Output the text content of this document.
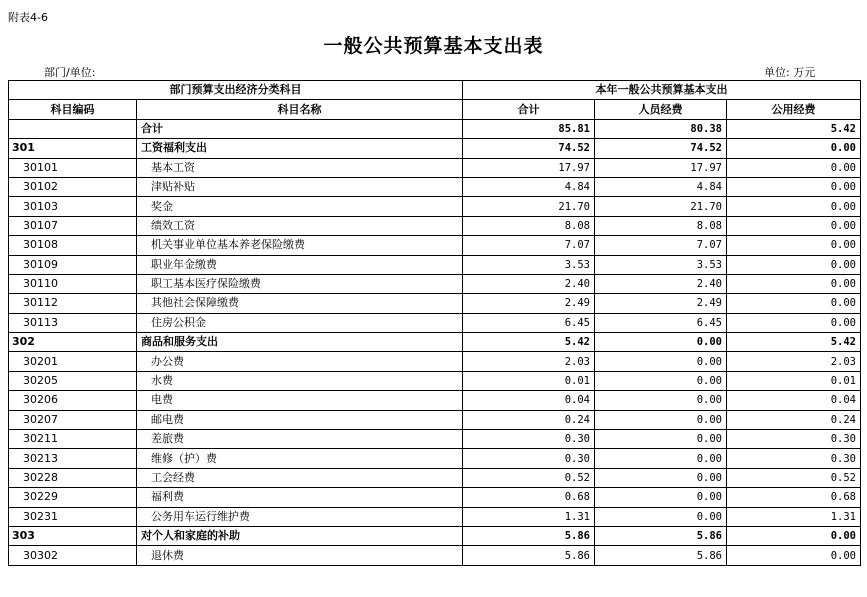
附表4-6
一般公共预算基本支出表
部门/单位:	单位: 万元
部门预算支出经济分类科目		本年一般公共预算基本支出		
科目编码	科目名称	合计	人员经费	公用经费
	合计	85.81	80.38	5.42
301	工资福利支出	74.52	74.52	0.00
30101	基本工资	17.97	17.97	0.00
30102	津贴补贴	4.84	4.84	0.00
30103	奖金	21.70	21.70	0.00
30107	绩效工资	8.08	8.08	0.00
30108	机关事业单位基本养老保险缴费	7.07	7.07	0.00
30109	职业年金缴费	3.53	3.53	0.00
30110	职工基本医疗保险缴费	2.40	2.40	0.00
30112	其他社会保障缴费	2.49	2.49	0.00
30113	住房公积金	6.45	6.45	0.00
302	商品和服务支出	5.42	0.00	5.42
30201	办公费	2.03	0.00	2.03
30205	水费	0.01	0.00	0.01
30206	电费	0.04	0.00	0.04
30207	邮电费	0.24	0.00	0.24
30211	差旅费	0.30	0.00	0.30
30213	维修（护）费	0.30	0.00	0.30
30228	工会经费	0.52	0.00	0.52
30229	福利费	0.68	0.00	0.68
30231	公务用车运行维护费	1.31	0.00	1.31
303	对个人和家庭的补助	5.86	5.86	0.00
30302	退休费	5.86	5.86	0.00
